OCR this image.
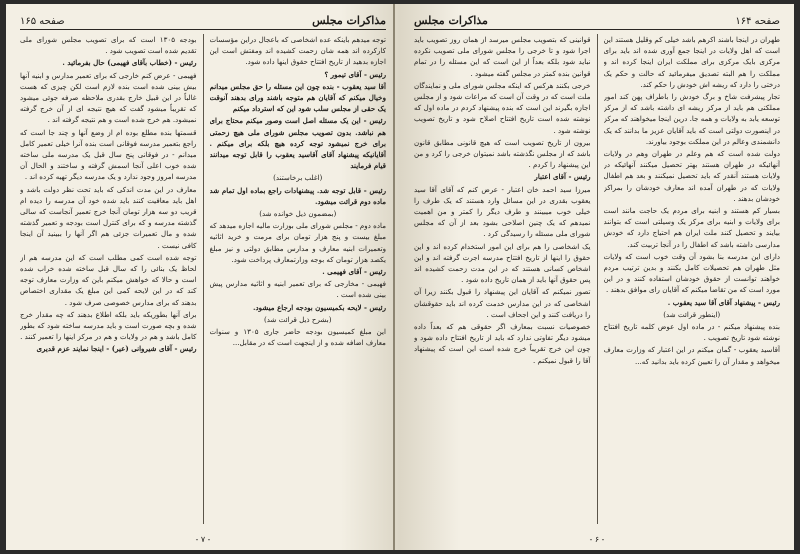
مذاکرات مجلس
صفحه ۱۶۵

توجه میدهم باینکه عده اشخاصی که باعجال دراین مؤسسات کارکرده اند همه شان زحمت کشیده اند ومفتش است این اجازه بدهید از تاریخ افتتاح حقوق اینها داده شود.

رئیس - آقای تیمور ؟

آقا سید یعقوب - بنده چون این مسئله را حق مجلس میدانم وخیال میکنم که آقایان هم متوجه باشند ورای بدهند آنوقت یک حقی از مجلس سلب شود این که استرداد میکنم

رئیس - این یک مسئله اصل است وصور میکنم محتاج برای هم نباشد. بدون تصویب مجلس شورای ملی هیچ زحمتی برای خرج نمیشود توجه کرده هیچ بلکه برای میکنم . آقایانیکه پیشنهاد آقای آقاسید یعقوب را قابل توجه میدانند قیام فرمایند

(اغلب برخاستند)

رئیس - قابل توجه شد. پیشنهادات راجع بماده اول تمام شد ماده دوم قرائت میشود.

(بمضمون ذیل خوانده شد)

ماده دوم - مجلس شورای ملی بوزارت مالیه اجازه میدهد که مبلغ بیست و پنج هزار تومان برای مرمت و خرید اثاثیه وتعمیرات ابنیه معارف و مدارس مطابق دولتی و نیز مبلغ یکصد هزار تومان که بوجه وزارتمعارف پرداخت شود.

رئیس - آقای فهیمی .

فهیمی - مخارجی که برای تعمیر ابنیه و اثاثیه مدارس پیش بینی شده است .

رئیس - لایحه بکمیسیون بودجه ارجاع میشود.

(بشرح ذیل قرائت شد)

این مبلغ کمیسیون بودجه حاضر جاری ۱۳۰۵ و سنوات معارف اضافه شده و از اینجهت است که در مقابل...

بودجه ۱۳۰۵ است که برای تصویب مجلس شورای ملی تقدیم شده است تصویب شود .

رئیس - (خطاب بآقای فهیمی) حال بفرمائید .

فهیمی - عرض کنم خارجی که برای تعمیر مدارس و ابنیه آنها بیش بینی شده است بنده لازم است لکن چیزی که هست غالباً در این قبیل خارج بقدری ملاحظه صرفه جوئی میشود که تقریباً میشود گفت که هیچ نتیجه ای از آن خرج گرفته نمیشود. هم خرج شده است و هم نتیجه گرفته اند .

قسمتها بنده مطلع بوده ام از وضع آنها و چند جا است که راجع بتعمیر مدرسه فوقانی است بنده آنرا خیلی تعمیر کامل میدانم - در فوقانی پنج سال قبل یک مدرسه ملی ساخته شده خوب اعلی آنجا اسمش گرفته و ساختند و الحال آن مدرسه امروز وجود ندارد و یک مدرسه دیگر تهیه کرده اند .

معارف در این مدت اندکی که باید تحت نظر دولت باشد و اهل باید معافیت کنند باید شده خود آن مدرسه را دیده ام قریب دو سه هزار تومان آنجا خرج تعمیر آنجاست که سالی گذشته مدرسه و که برای کنترل است بودجه و تعمیر گذشته شده و مال تعمیرات جزئی هم اگر آنها را ببینید آن اینجا کافی نیست .

توجه شده است کمی مطلب است که این مدرسه هم از لحاظ یک بنائی را که سال قبل ساخته شده خراب شده است و حالا که خواهش میکنم باین که وزارت معارف توجه کند که در این لایحه کمی این مبلغ یک مقداری اختصاص بدهند که برای مدارس خصوصی صرف شود .

برای آنها بطوریکه باید بلکه اطلاع بدهند که چه مقدار خرج شده و بچه صورت است و باید مدرسه ساخته شود که بطور کامل باشد و هم در ولایات و هم در مرکز اینها را تعمیر کنند .

رئیس - آقای شیروانی (عیر) - اینجا نمایند عزم قدیری

- ۷ -
صفحه ۱۶۴
مذاکرات مجلس

طهران در اینجا باشند اکرهم باشد خیلی کم وقلیل هستند این است که اهل ولایات در اینجا جمع آوری شده اند باید برای مرکزی بایک مرکزی برای مملکت ایران اینجا کرده اند و مملکت را هم البته تصدیق میفرمائید که حالت و حکم یک درختی را دارد که ریشه اش خودش را حکم کند.

تجار پیشرفت شاخ و برگ خودش را باطراف پهن کند امور مملکتی هم باید از مرکز ریشه ای داشته باشد که از مرکز توسعه یابد به ولایات و همه جا. درین اینجا میخواهند که مرکز در اینصورت دولتی است که باید آقایان عزیز ما بدانند که یک دانشمندی وعالم در این مملکت بوجود بیاورند.

دولت شده است که هم وعلم در طهران وهم در ولایات آنهائیکه در طهران هستند بهتر تحصیل میکنند آنهائیکه در ولایات هستند آنقدر که باید تحصیل نمیکنند و بعد هم اطفال ولایات که در طهران آمده اند معارف خودشان را بمراکز خودشان بدهند .

بسیار کم هستند و ابنیه برای مردم یک حاجت مانند است برای ولایات و ابنیه برای مرکز یک وسیلتی است که بتوانند بیایند و تحصیل کنند ملت ایران هم احتیاج دارد که خودش مدارسی داشته باشد که اطفال را در آنجا تربیت کند.

دارای این مدرسه بنا بشود آن وقت خوب است که ولایات مثل طهران هم تحصیلات کامل بکنند و بدین ترتیب مردم خواهند توانست از حقوق خودشان استفاده کنند و در این مورد است که من تقاضا میکنم که آقایان رای موافق بدهند .

رئیس - پیشنهاد آقای آقا سید یعقوب .

(اینطور قرائت شد)

بنده پیشنهاد میکنم - در ماده اول عوض کلمه تاریخ افتتاح نوشته شود تاریخ تصویب .

آقاسید یعقوب - گمان میکنم در این اعتبار که وزارت معارف میخواهد و مقدار آن را تعیین کرده باید بدانید که...

قوانینی که بتصویب مجلس میرسد از همان روز تصویب باید اجرا شود و تا خرجی را مجلس شورای ملی تصویب نکرده نباید شود بلکه بعداً از این است که این مسئله را در تمام قوانین بنده کمتر در مجلس گفته میشود .

خرجی بکنند هرکس که اینکه مجلس شورای ملی و نمایندگان ملت است که در وقت آن است که مراعات شود و از مجلس اجازه بگیرند این است که بنده پیشنهاد کردم در ماده اول که نوشته شده است تاریخ افتتاح اصلاح شود و تاریخ تصویب نوشته شود .

بیرون از تاریخ تصویب است که هیچ قانونی مطابق قانون باشد که از مجلس نگذشته باشد نمیتوان خرجی را کرد و من این پیشنهاد را کردم .

رئیس - آقای اعتبار

میرزا سید احمد خان اعتبار - عرض کنم که آقای آقا سید یعقوب بقدری در این مسائل وارد هستند که یک طرف را خیلی خوب میبینند و طرف دیگر را کمتر و من اهمیت نمیدهم که یک چنین اصلاحی بشود بعد از آن که مجلس شورای ملی مسئله را رسیدگی کرد .

یک اشخاصی را هم برای این امور استخدام کرده اند و این حقوق را اینها از تاریخ افتتاح مدرسه اجرت گرفته اند و این اشخاص کسانی هستند که در این مدت زحمت کشیده اند پس حقوق آنها باید از همان تاریخ داده شود .

تصور نمیکنم که آقایان این پیشنهاد را قبول بکنند زیرا آن اشخاصی که در این مدارس خدمت کرده اند باید حقوقشان را دریافت کنند و این اجحاف است .

خصوصیات نسبت بمعارف اگر حقوقی هم که بعداً داده میشود دیگر تفاوتی ندارد که باید از تاریخ افتتاح داده شود و چون این خرج تقریباً خرج شده است این است که پیشنهاد آقا را قبول نمیکنم .

- ۶ -
